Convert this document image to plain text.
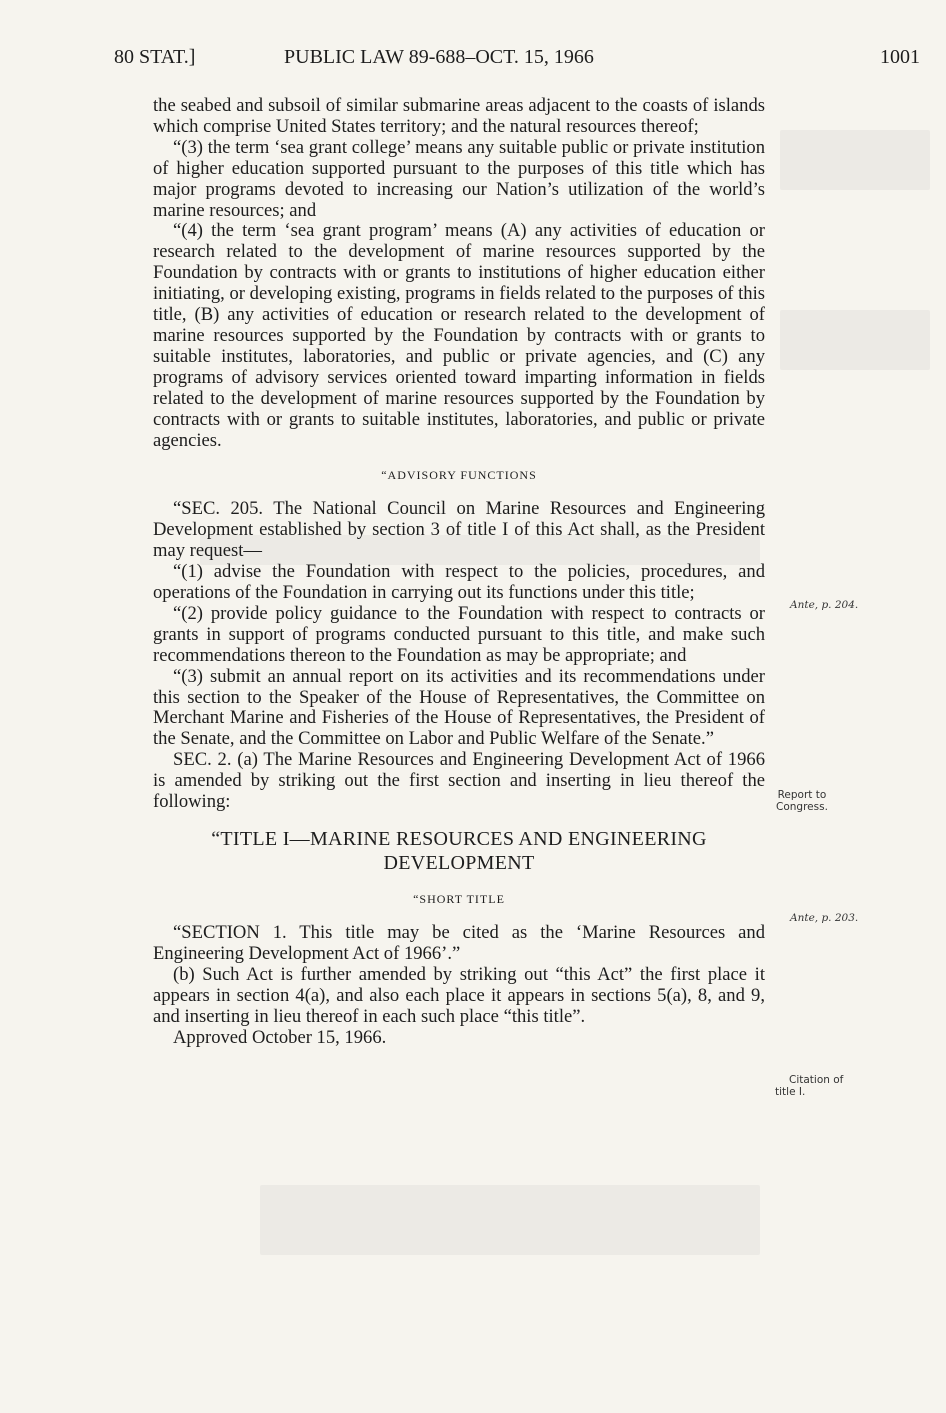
80 STAT.]	PUBLIC LAW 89-688–OCT. 15, 1966	1001

the seabed and subsoil of similar submarine areas adjacent to the coasts of islands which comprise United States territory; and the natural resources thereof;

“(3) the term ‘sea grant college’ means any suitable public or private institution of higher education supported pursuant to the purposes of this title which has major programs devoted to increasing our Nation’s utilization of the world’s marine resources; and

“(4) the term ‘sea grant program’ means (A) any activities of education or research related to the development of marine resources supported by the Foundation by contracts with or grants to institutions of higher education either initiating, or developing existing, programs in fields related to the purposes of this title, (B) any activities of education or research related to the development of marine resources supported by the Foundation by contracts with or grants to suitable institutes, laboratories, and public or private agencies, and (C) any programs of advisory services oriented toward imparting information in fields related to the development of marine resources supported by the Foundation by contracts with or grants to suitable institutes, laboratories, and public or private agencies.

“ADVISORY FUNCTIONS

“SEC. 205. The National Council on Marine Resources and Engineering Development established by section 3 of title I of this Act shall, as the President may request—

“(1) advise the Foundation with respect to the policies, procedures, and operations of the Foundation in carrying out its functions under this title;

“(2) provide policy guidance to the Foundation with respect to contracts or grants in support of programs conducted pursuant to this title, and make such recommendations thereon to the Foundation as may be appropriate; and

“(3) submit an annual report on its activities and its recommendations under this section to the Speaker of the House of Representatives, the Committee on Merchant Marine and Fisheries of the House of Representatives, the President of the Senate, and the Committee on Labor and Public Welfare of the Senate.”

SEC. 2. (a) The Marine Resources and Engineering Development Act of 1966 is amended by striking out the first section and inserting in lieu thereof the following:

“TITLE I—MARINE RESOURCES AND ENGINEERING
DEVELOPMENT
“SHORT TITLE

“SECTION 1. This title may be cited as the ‘Marine Resources and Engineering Development Act of 1966’.”

(b) Such Act is further amended by striking out “this Act” the first place it appears in section 4(a), and also each place it appears in sections 5(a), 8, and 9, and inserting in lieu thereof in each such place “this title”.

Approved October 15, 1966.

Ante, p. 204.
Report to
Congress.
Ante, p. 203.
Citation of
title I.
